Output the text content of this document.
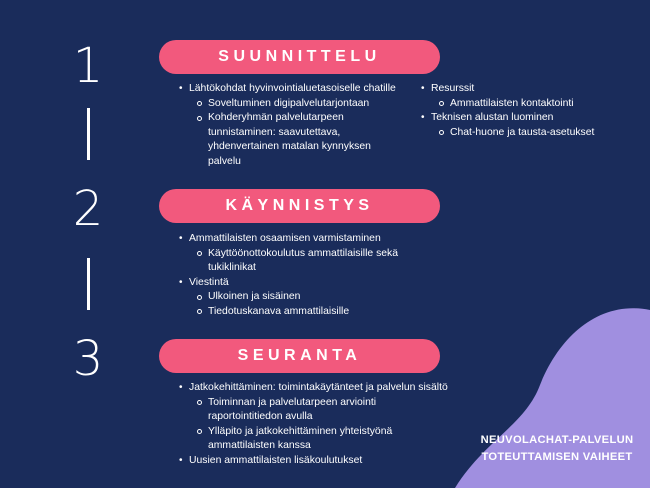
1
2
3
SUUNNITTELU
• Lähtökohdat hyvinvointialuetasoiselle chatille
Soveltuminen digipalvelutarjontaan
Kohderyhmän palvelutarpeen
tunnistaminen: saavutettava,
yhdenvertainen matalan kynnyksen
palvelu
• Resurssit
Ammattilaisten kontaktointi
• Teknisen alustan luominen
Chat-huone ja tausta-asetukset
KÄYNNISTYS
• Ammattilaisten osaamisen varmistaminen
Käyttöönottokoulutus ammattilaisille sekä
tukiklinikat
• Viestintä
Ulkoinen ja sisäinen
Tiedotuskanava ammattilaisille
SEURANTA
• Jatkokehittäminen: toimintakäytänteet ja palvelun sisältö
Toiminnan ja palvelutarpeen arviointi
raportointitiedon avulla
Ylläpito ja jatkokehittäminen yhteistyönä
ammattilaisten kanssa
• Uusien ammattilaisten lisäkoulutukset
NEUVOLACHAT-PALVELUN
TOTEUTTAMISEN VAIHEET
